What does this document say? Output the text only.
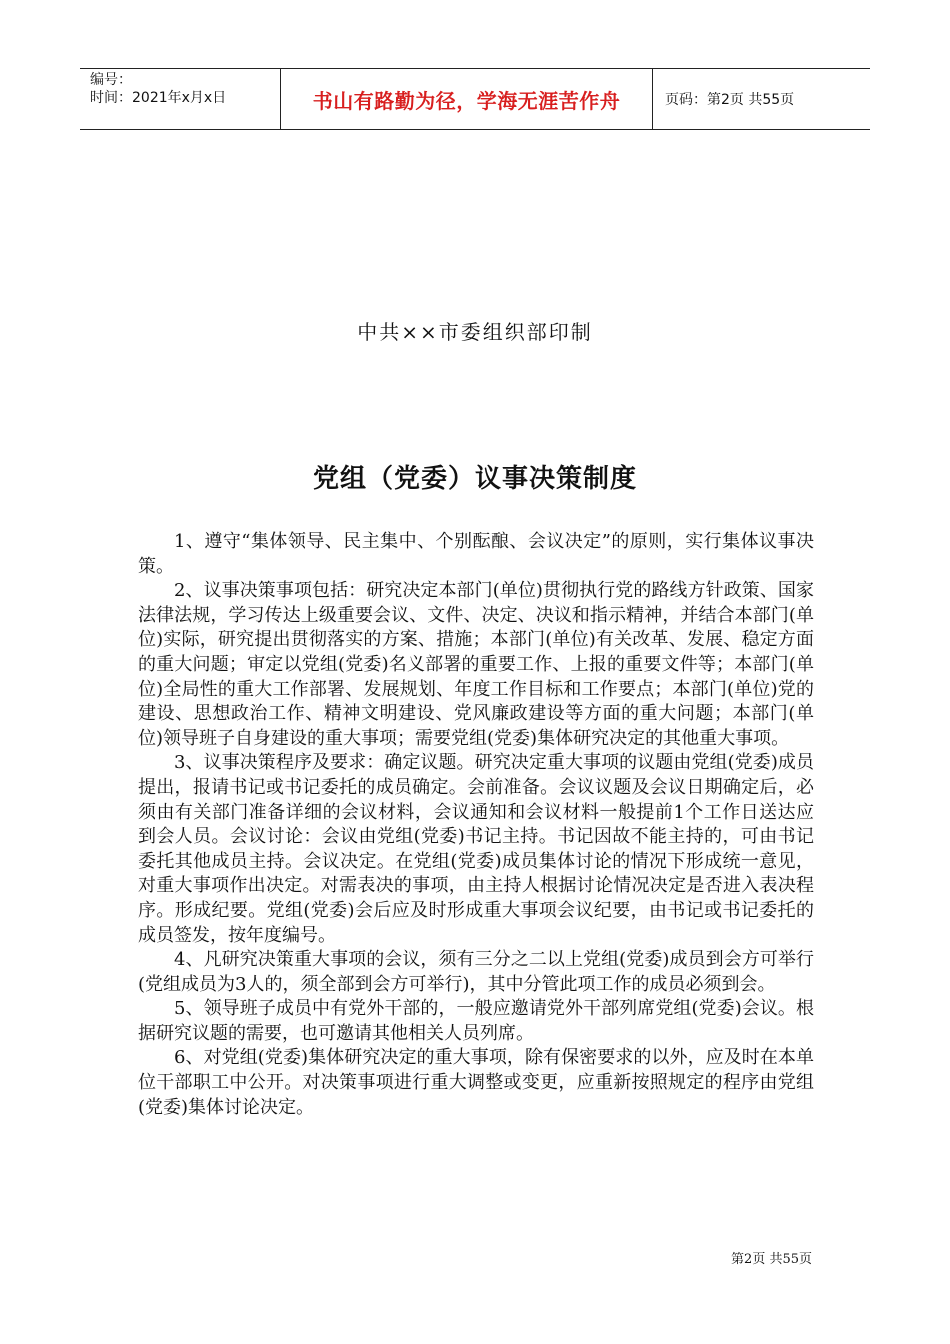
编号：
时间：2021年x月x日	书山有路勤为径，学海无涯苦作舟	页码：第2页 共55页
中共××市委组织部印制
党组（党委）议事决策制度

1、遵守“集体领导、民主集中、个别酝酿、会议决定”的原则，实行集体议事决策。

2、议事决策事项包括：研究决定本部门(单位)贯彻执行党的路线方针政策、国家法律法规，学习传达上级重要会议、文件、决定、决议和指示精神，并结合本部门(单位)实际，研究提出贯彻落实的方案、措施；本部门(单位)有关改革、发展、稳定方面的重大问题；审定以党组(党委)名义部署的重要工作、上报的重要文件等；本部门(单位)全局性的重大工作部署、发展规划、年度工作目标和工作要点；本部门(单位)党的建设、思想政治工作、精神文明建设、党风廉政建设等方面的重大问题；本部门(单位)领导班子自身建设的重大事项；需要党组(党委)集体研究决定的其他重大事项。

3、议事决策程序及要求：确定议题。研究决定重大事项的议题由党组(党委)成员提出，报请书记或书记委托的成员确定。会前准备。会议议题及会议日期确定后，必须由有关部门准备详细的会议材料，会议通知和会议材料一般提前1个工作日送达应到会人员。会议讨论：会议由党组(党委)书记主持。书记因故不能主持的，可由书记委托其他成员主持。会议决定。在党组(党委)成员集体讨论的情况下形成统一意见，对重大事项作出决定。对需表决的事项，由主持人根据讨论情况决定是否进入表决程序。形成纪要。党组(党委)会后应及时形成重大事项会议纪要，由书记或书记委托的成员签发，按年度编号。

4、凡研究决策重大事项的会议，须有三分之二以上党组(党委)成员到会方可举行(党组成员为3人的，须全部到会方可举行)，其中分管此项工作的成员必须到会。

5、领导班子成员中有党外干部的，一般应邀请党外干部列席党组(党委)会议。根据研究议题的需要，也可邀请其他相关人员列席。

6、对党组(党委)集体研究决定的重大事项，除有保密要求的以外，应及时在本单位干部职工中公开。对决策事项进行重大调整或变更，应重新按照规定的程序由党组(党委)集体讨论决定。

第2页 共55页
